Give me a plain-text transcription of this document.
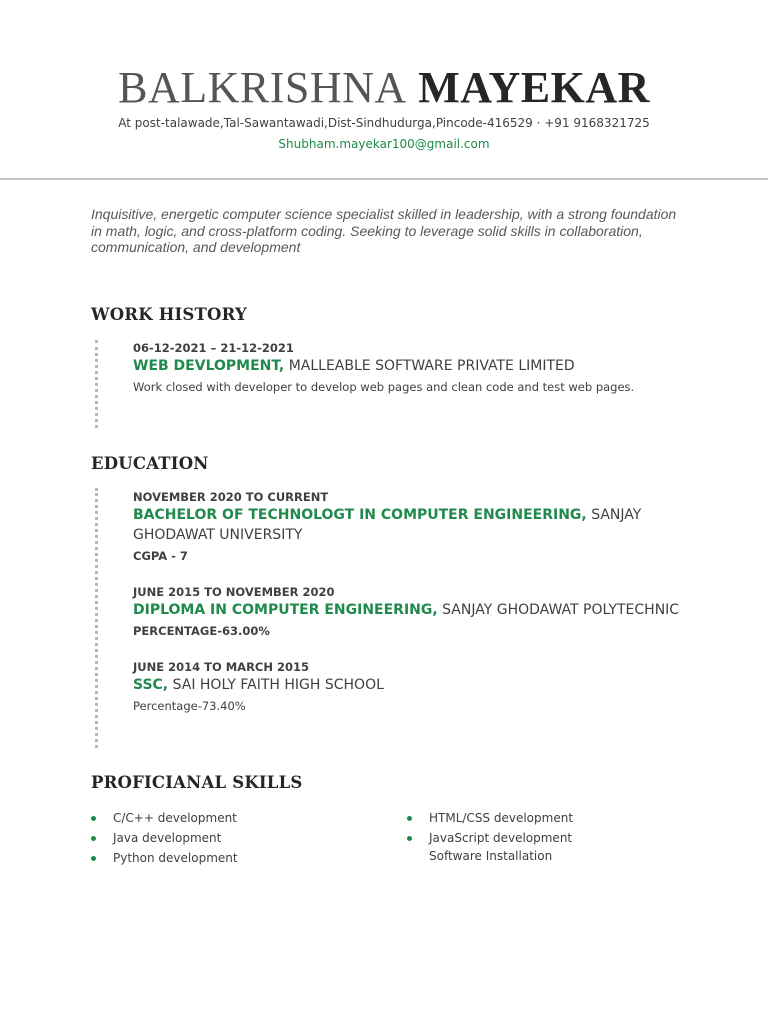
BALKRISHNA MAYEKAR
At post-talawade,Tal-Sawantawadi,Dist-Sindhudurga,Pincode-416529 · +91 9168321725
Shubham.mayekar100@gmail.com
Inquisitive, energetic computer science specialist skilled in leadership, with a strong foundation in math, logic, and cross-platform coding. Seeking to leverage solid skills in collaboration, communication, and development
WORK HISTORY
06-12-2021 – 21-12-2021
WEB DEVLOPMENT, MALLEABLE SOFTWARE PRIVATE LIMITED
Work closed with developer to develop web pages and clean code and test web pages.
EDUCATION
NOVEMBER 2020 TO CURRENT
BACHELOR OF TECHNOLOGT IN COMPUTER ENGINEERING, SANJAY GHODAWAT UNIVERSITY
CGPA - 7
JUNE 2015 TO NOVEMBER 2020
DIPLOMA IN COMPUTER ENGINEERING, SANJAY GHODAWAT POLYTECHNIC
PERCENTAGE-63.00%
JUNE 2014 TO MARCH 2015
SSC, SAI HOLY FAITH HIGH SCHOOL
Percentage-73.40%
PROFICIANAL SKILLS
C/C++ development
Java development
Python development
HTML/CSS development
JavaScript development
Software Installation
